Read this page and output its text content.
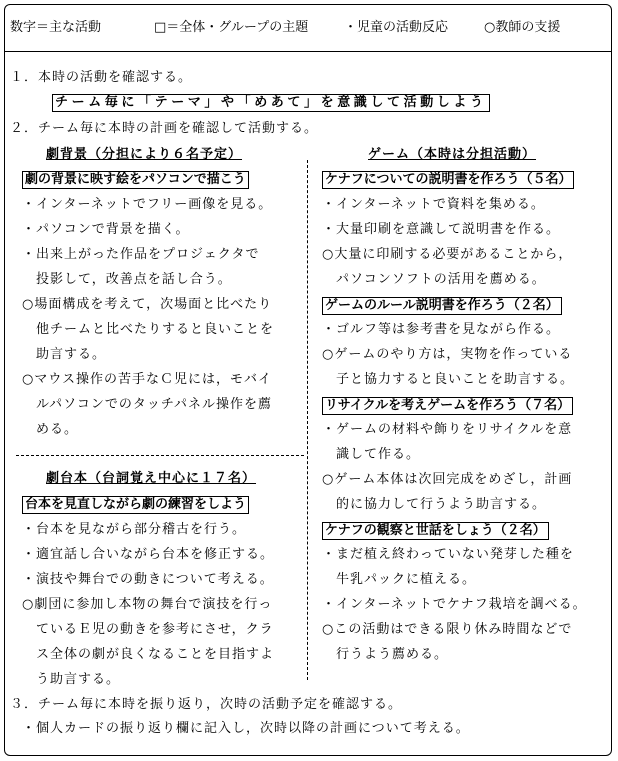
数字＝主な活動	□＝全体・グループの主題	・児童の活動反応	○教師の支援
１．本時の活動を確認する。
チーム毎に「テーマ」や「めあて」を意識して活動しよう
２．チーム毎に本時の計画を確認して活動する。
劇背景（分担により６名予定）
劇の背景に映す絵をパソコンで描こう
・インターネットでフリー画像を見る。
・パソコンで背景を描く。
・出来上がった作品をプロジェクタで
　投影して，改善点を話し合う。
○場面構成を考えて，次場面と比べたり
　他チームと比べたりすると良いことを
　助言する。
○マウス操作の苦手なＣ児には，モバイ
　ルパソコンでのタッチパネル操作を薦
　める。
劇台本（台詞覚え中心に１７名）
台本を見直しながら劇の練習をしよう
・台本を見ながら部分稽古を行う。
・適宜話し合いながら台本を修正する。
・演技や舞台での動きについて考える。
○劇団に参加し本物の舞台で演技を行っ
　ているＥ児の動きを参考にさせ，クラ
　ス全体の劇が良くなることを目指すよ
　う助言する。
ゲーム（本時は分担活動）
ケナフについての説明書を作ろう（５名）
・インターネットで資料を集める。
・大量印刷を意識して説明書を作る。
○大量に印刷する必要があることから，
　パソコンソフトの活用を薦める。
ゲームのルール説明書を作ろう（２名）
・ゴルフ等は参考書を見ながら作る。
○ゲームのやり方は，実物を作っている
　子と協力すると良いことを助言する。
リサイクルを考えゲームを作ろう（７名）
・ゲームの材料や飾りをリサイクルを意
　識して作る。
○ゲーム本体は次回完成をめざし，計画
　的に協力して行うよう助言する。
ケナフの観察と世話をしょう（２名）
・まだ植え終わっていない発芽した種を
　牛乳パックに植える。
・インターネットでケナフ栽培を調べる。
○この活動はできる限り休み時間などで
　行うよう薦める。
３．チーム毎に本時を振り返り，次時の活動予定を確認する。
・個人カードの振り返り欄に記入し，次時以降の計画について考える。
